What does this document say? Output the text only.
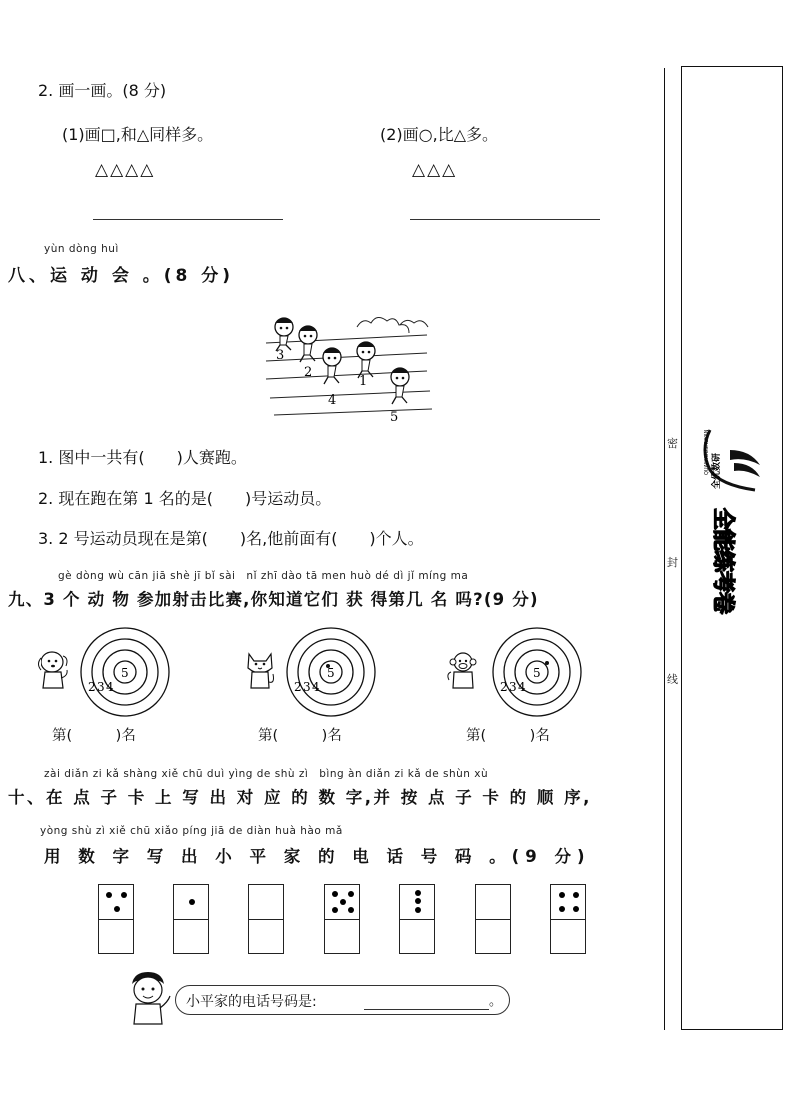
2. 画一画。(8 分)
(1)画□,和△同样多。	(2)画○,比△多。
△△△△	△△△
yùn dòng huì
八、运 动 会 。(8 分)
3
2
1
4
5
1. 图中一共有(　　)人赛跑。
2. 现在跑在第 1 名的是(　　)号运动员。
3. 2 号运动员现在是第(　　)名,他前面有(　　)个人。
gè dòng wù cān jiā shè jī bǐ sài　nǐ zhī dào tā men huò dé dì jǐ míng ma
九、3 个 动 物 参加射击比赛,你知道它们 获 得第几 名 吗?(9 分)
5
2 3 4
5
2 3 4
5
2 3 4
第(　　　)名	第(　　　)名	第(　　　)名
zài diǎn zi kǎ shàng xiě chū duì yìng de shù zì　bìng àn diǎn zi kǎ de shùn xù
十、在 点 子 卡 上 写 出 对 应 的 数 字,并 按 点 子 卡 的 顺 序,
yòng shù zì xiě chū xiǎo píng jiā de diàn huà hào mǎ
用 数 字 写 出 小 平 家 的 电 话 号 码 。(9 分)
小平家的电话号码是:	。
密
封
线
QUANYOUSHUYAN 全优数研
全能练考卷
